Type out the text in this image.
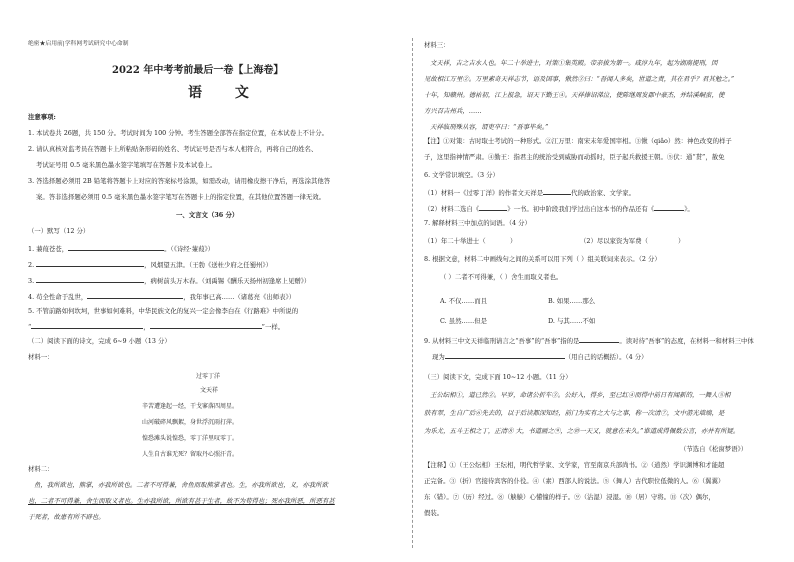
绝密★启用前|学科网考试研究中心命制
2022 年中考考前最后一卷【上海卷】
语 文
注意事项:
1. 本试卷共 26题，共 150 分。考试时间为 100 分钟。考生答题全部答在指定位置，在本试卷上不计分。
2. 请认真核对监考员在答题卡上所粘贴条形码的姓名、考试证号是否与本人相符合，再将自己的姓名、
考试证号用 0.5 毫米黑色墨水签字笔填写在答题卡及本试卷上。
3. 答选择题必须用 2B 铅笔将答题卡上对应的答案标号涂黑，如需改动，请用橡皮擦干净后，再选涂其他答
案。答非选择题必须用 0.5 毫米黑色墨水签字笔写在答题卡上的指定位置，在其他位置答题一律无效。
一、文言文（36 分）
（一）默写（12 分）
1. 蒹葭苍苍，	。（《诗经·蒹葭》）
2.	，风烟望五津。（王勃《送杜少府之任蜀州》）
3.	，病树前头万木春。（刘禹锡《酬乐天扬州初逢席上见赠》）
4. 苟全性命于乱世，	，我年事已高……（诸葛亮《出师表》）
5. 不管前路如何坎坷，世事如何难料，中华民族文化的复兴一定会像李白在《行路难》中所说的
“	，	”一样。
（二）阅读下面的诗文，完成 6~9 小题（13 分）
材料一：
过零丁洋
文天祥
辛苦遭逢起一经，干戈寥落四周星。
山河破碎风飘絮，身世浮沉雨打萍。
惶恐滩头说惶恐，零丁洋里叹零丁。
人生自古谁无死？留取丹心照汗青。
材料二：
鱼，我所欲也，熊掌，亦我所欲也。二者不可得兼，舍鱼而取熊掌者也。生，亦我所欲也，义，亦我所欲
也，二者不可得兼，舍生而取义者也。生亦我所欲，所欲有甚于生者，故不为苟得也；死亦我所恶，所恶有甚
于死者，故患有所不辟也。
材料三：
文天祥，吉之吉水人也。年二十举进士，对策①集英殿。帝亲拔为第一。咸淳九年，起为湖南提刑，因
见故相江万里②。万里素奇天祥志节，语及国事，愀然③曰：“吾闻人多矣，世道之责，其在君乎？君其勉之。”
十年，知赣州。德祐初，江上报急，诏天下勤王④。天祥捧诏涕泣，使陈继周发郡中豪杰，并结溪峒蛮，使
方兴召吉州兵，……
天祥临刑殊从容，谓吏卒曰：“吾事毕矣。”
【注】①对策：古时取士考试的一种形式。②江万里：南宋末年爱国宰相。③愀（qiǎo）然：神色改变的样子
子，这里指神情严肃。④勤王：指君主的统治受到威胁而动摇时，臣子起兵救援王朝。⑤伏：通“贳”，赦免
6. 文学常识填空。（3 分）
（1）材料一《过零丁洋》的作者文天祥是	代的政治家、文学家。
（2）材料二选自《	》一书。初中阶段我们学过出自这本书的作品还有《	》。
7. 解释材料三中加点的词语。（4 分）
（1）年二十举进士（            ）	（2）尽以家资为军费（	）
8. 根据文意，材料二中画线句之间的关系可以用下列（ ）组关联词来表示。（2 分）
（ ）二者不可得兼，（ ）舍生而取义者也。
A. 不仅……而且	B. 如果……那么
C. 虽然……但是	D. 与其……不如
9. 从材料三中文天祥临刑请言之“吾事”的“吾事”指的是	。读对待“吾事”的态度，在材料一和材料三中体
现为	（用自己的话概括）。（4 分）
（三）阅读下文，完成下面 10~12 小题。（11 分）
王公纭相①，道已然②。早岁，命诸公折车③。公好入，得乡，至已红④而得中前日有闻新的，一舞人⑤相
肤有翠，生自广后⑥先去的，以于后读都深知经，前门为实有之大与之事，称一次清⑦，文中游光墙端，是
为乐尤，五斗王相之丁，正清⑧ 大，书道画之⑨，之⑩一天又，就意在未久。”谁道成得佩数公言，亦并有所疑。
（节选自《松窗梦语》）
【注释】①（王公纭相）王纭相，明代哲学家、文学家，官至南京兵部尚书。②（道然）学识渊博和才能超
正完备。③（折）官接待宾客的仆役。④（素）西部人的说法。⑤（舞人）古代职位低微的人。⑥（翼翼）
东（错）。⑦（历）经过。⑧（觖觖）心懂憧的样子。⑨（沾湿）浸湿。⑩（居）守将。⑪（次）偶尔，
假装。
